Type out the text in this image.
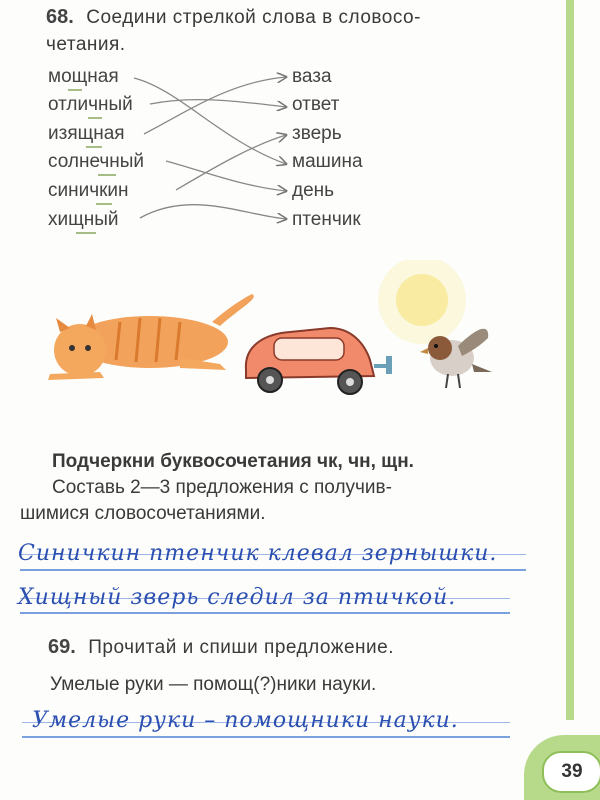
68. Соедини стрелкой слова в словосо-
четания.
мощная
отличный
изящная
солнечный
синичкин
хищный
ваза
ответ
зверь
машина
день
птенчик
Подчеркни буквосочетания чк, чн, щн.
Составь 2—3 предложения с получив-
шимися словосочетаниями.
Синичкин птенчик клевал зернышки.
Хищный зверь следил за птичкой.
69. Прочитай и спиши предложение.
Умелые руки — помощ(?)ники науки.
Умелые руки – помощники науки.
39
